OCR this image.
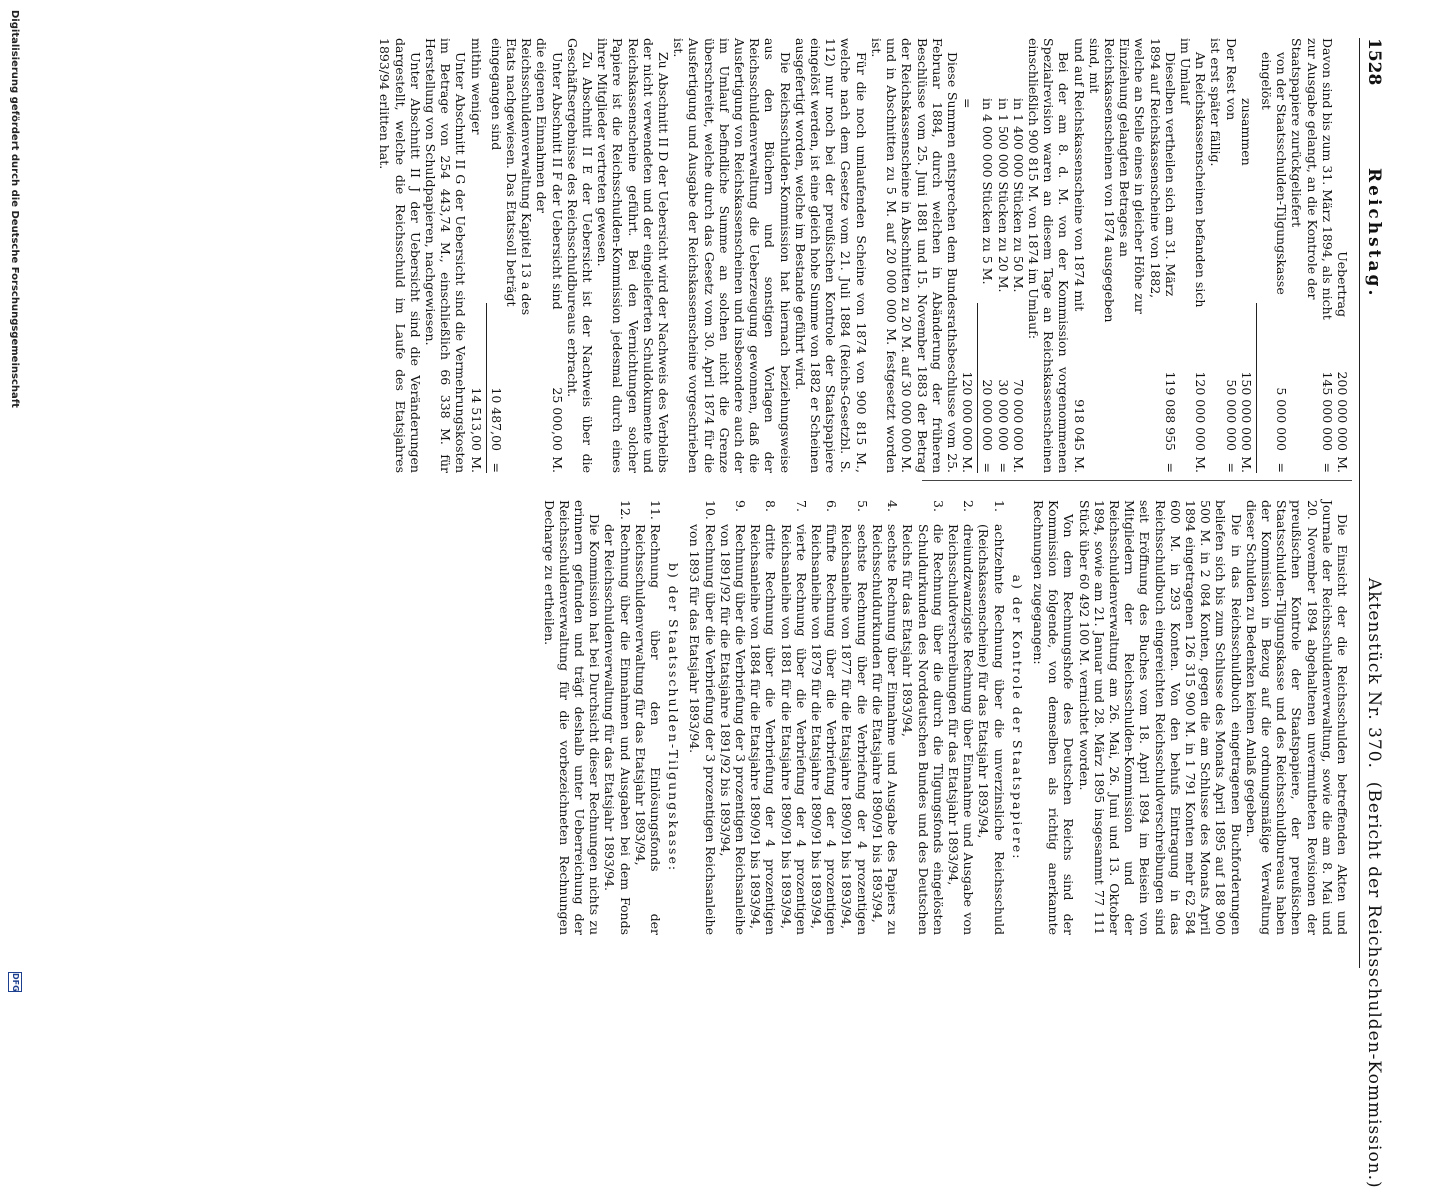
1528
Reichstag.
Aktenstück Nr. 370.  (Bericht der Reichsschulden-Kommission.)
Uebertrag
200 000 000
M.
Davon sind bis zum 31. März 1894, als nicht zur Ausgabe gelangt, an die Kontrole der Staatspapiere zurückgeliefert
145 000 000
=
von der Staatsschulden-Tilgungskasse eingelöst
5 000 000
=
zusammen
150 000 000
M.
Der Rest von
50 000 000
=

ist erst später fällig.

An Reichskassenscheinen befanden sich im Umlauf
120 000 000
M.
Dieselben vertheilen sich am 31. März 1894 auf Reichskassenscheine von 1882, welche an Stelle eines in gleicher Höhe zur Einziehung gelangten Betrages an Reichskassenscheinen von 1874 ausgegeben sind, mit
119 088 955
=
und auf Reichskassenscheine von 1874 mit
918 045
M.

Bei der am 8. d. M. von der Kommission vorgenommenen Spezialrevision waren an diesem Tage an Reichskassenscheinen einschließlich 900 815 M. von 1874 im Umlauf:

in 1 400 000 Stücken zu 50 M.
70 000 000
M.
in 1 500 000 Stücken zu 20 M.
30 000 000
=
in 4 000 000 Stücken zu 5 M.
20 000 000
=
=
120 000 000
M.

Diese Summen entsprechen dem Bundesrathsbeschlusse vom 25. Februar 1884, durch welchen in Abänderung der früheren Beschlüsse vom 25. Juni 1881 und 15. November 1883 der Betrag der Reichskassenscheine in Abschnitten zu 20 M. auf 30 000 000 M. und in Abschnitten zu 5 M. auf 20 000 000 M. festgesetzt worden ist.

Für die noch umlaufenden Scheine von 1874 von 900 815 M., welche nach dem Gesetze vom 21. Juli 1884 (Reichs-Gesetzbl. S. 112) nur noch bei der preußischen Kontrole der Staatspapiere eingelöst werden, ist eine gleich hohe Summe von 1882 er Scheinen ausgefertigt worden, welche im Bestande geführt wird.

Die Reichsschulden-Kommission hat hiernach beziehungsweise aus den Büchern und sonstigen Vorlagen der Reichsschuldenverwaltung die Ueberzeugung gewonnen, daß die Ausfertigung von Reichskassenscheinen und insbesondere auch der im Umlauf befindliche Summe an solchen nicht die Grenze überschreitet, welche durch das Gesetz vom 30. April 1874 für die Ausfertigung und Ausgabe der Reichskassenscheine vorgeschrieben ist.

Zu Abschnitt II D der Uebersicht wird der Nachweis des Verbleibs der nicht verwendeten und der eingelieferten Schuldokumente und Reichskassenscheine geführt. Bei den Vernichtungen solcher Papiere ist die Reichsschulden-Kommission jedesmal durch eines ihrer Mitglieder vertreten gewesen.

Zu Abschnitt II E der Uebersicht ist der Nachweis über die Geschäftsergebnisse des Reichsschuldbureaus erbracht.

Unter Abschnitt II F der Uebersicht sind die eigenen Einnahmen der Reichsschuldenverwaltung Kapitel 13 a des Etats nachgewiesen. Das Etatssoll beträgt
25 000,00
M.
eingegangen sind
10 487,00
=
mithin weniger
14 513,00
M.

Unter Abschnitt II G der Uebersicht sind die Vermehrungskosten im Betrage von 254 443,74 M., einschließlich 66 338 M. für Herstellung von Schuldpapieren, nachgewiesen.

Unter Abschnitt II J der Uebersicht sind die Veränderungen dargestellt, welche die Reichsschuld im Laufe des Etatsjahres 1893/94 erlitten hat.

Die Einsicht der die Reichsschulden betreffenden Akten und Journale der Reichsschuldenverwaltung, sowie die am 8. Mai und 20. November 1894 abgehaltenen unvermutheten Revisionen der preußischen Kontrole der Staatspapiere, der preußischen Staatsschulden-Tilgungskasse und des Reichsschuldbureaus haben der Kommission in Bezug auf die ordnungsmäßige Verwaltung dieser Schulden zu Bedenken keinen Anlaß gegeben.

Die in das Reichsschuldbuch eingetragenen Buchforderungen beliefen sich bis zum Schlusse des Monats April 1895 auf 188 900 500 M. in 2 084 Konten, gegen die am Schlusse des Monats April 1894 eingetragenen 126 315 900 M. in 1 791 Konten mehr 62 584 600 M. in 293 Konten. Von den behufs Eintragung in das Reichsschuldbuch eingereichten Reichsschuldverschreibungen sind seit Eröffnung des Buches vom 18. April 1894 im Beisein von Mitgliedern der Reichsschulden-Kommission und der Reichsschuldenverwaltung am 26. Mai, 26. Juni und 13. Oktober 1894, sowie am 21. Januar und 28. März 1895 insgesammt 77 111 Stück über 60 492 100 M. vernichtet worden.

Von dem Rechnungshofe des Deutschen Reichs sind der Kommission folgende, von demselben als richtig anerkannte Rechnungen zugegangen:

a) der Kontrole der Staatspapiere:
1.
achtzehnte Rechnung über die unverzinsliche Reichsschuld (Reichskassenscheine) für das Etatsjahr 1893/94,
2.
dreiundzwanzigste Rechnung über Einnahme und Ausgabe von Reichsschuldverschreibungen für das Etatsjahr 1893/94,
3.
die Rechnung über die durch die Tilgungsfonds eingelösten Schuldurkunden des Norddeutschen Bundes und des Deutschen Reichs für das Etatsjahr 1893/94,
4.
sechste Rechnung über Einnahme und Ausgabe des Papiers zu Reichsschuldurkunden für die Etatsjahre 1890/91 bis 1893/94,
5.
sechste Rechnung über die Verbriefung der 4 prozentigen Reichsanleihe von 1877 für die Etatsjahre 1890/91 bis 1893/94,
6.
fünfte Rechnung über die Verbriefung der 4 prozentigen Reichsanleihe von 1879 für die Etatsjahre 1890/91 bis 1893/94,
7.
vierte Rechnung über die Verbriefung der 4 prozentigen Reichsanleihe von 1881 für die Etatsjahre 1890/91 bis 1893/94,
8.
dritte Rechnung über die Verbriefung der 4 prozentigen Reichsanleihe von 1884 für die Etatsjahre 1890/91 bis 1893/94,
9.
Rechnung über die Verbriefung der 3 prozentigen Reichsanleihe von 1891/92 für die Etatsjahre 1891/92 bis 1893/94,
10.
Rechnung über die Verbriefung der 3 prozentigen Reichsanleihe von 1893 für das Etatsjahr 1893/94.
b) der Staatsschulden-Tilgungskasse:
11.
Rechnung über den Einlösungsfonds der Reichsschuldenverwaltung für das Etatsjahr 1893/94,
12.
Rechnung über die Einnahmen und Ausgaben bei dem Fonds der Reichsschuldenverwaltung für das Etatsjahr 1893/94.

Die Kommission hat bei Durchsicht dieser Rechnungen nichts zu erinnern gefunden und trägt deshalb unter Ueberreichung der Reichsschuldenverwaltung für die vorbezeichneten Rechnungen Decharge zu ertheilen.

Digitalisierung gefördert durch die Deutsche Forschungsgemeinschaft
DFG
